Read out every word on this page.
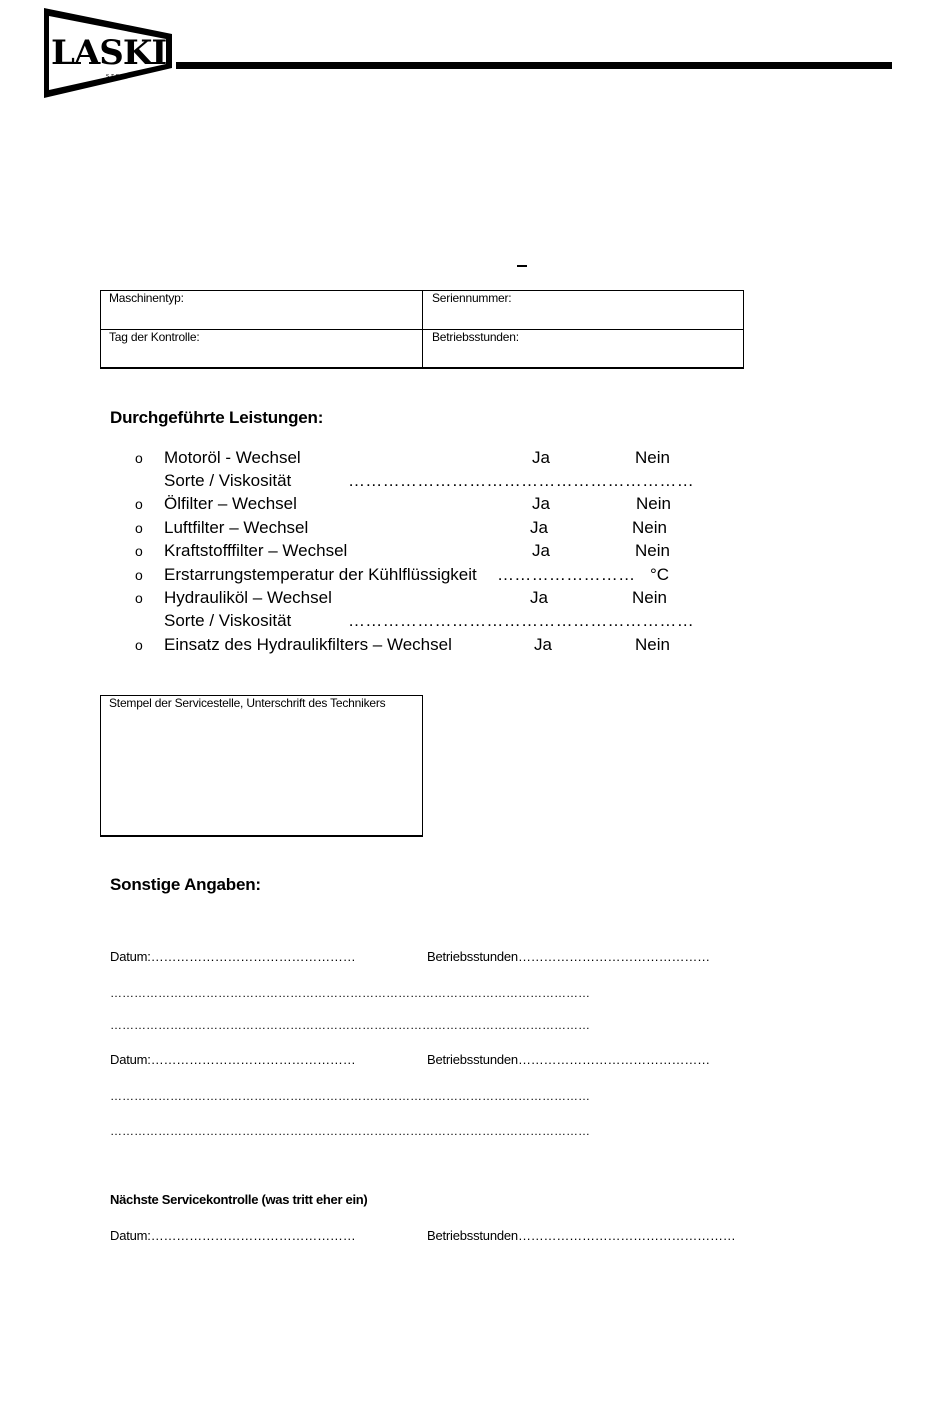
LASKI
s.r.o.
Maschinentyp:	Seriennummer:
Tag der Kontrolle:	Betriebsstunden:
Durchgeführte Leistungen:
o Motoröl - Wechsel	Ja	Nein
Sorte / Viskosität	……………………………………………………
o Ölfilter – Wechsel	Ja	Nein
o Luftfilter – Wechsel	Ja	Nein
o Kraftstofffilter – Wechsel	Ja	Nein
o Erstarrungstemperatur der Kühlflüssigkeit …………………… °C
o Hydrauliköl – Wechsel	Ja	Nein
Sorte / Viskosität	……………………………………………………
o Einsatz des Hydraulikfilters – Wechsel	Ja	Nein
Stempel der Servicestelle, Unterschrift des Technikers
Sonstige Angaben:
Datum:…………………………………………	Betriebsstunden………………………………………
…………………………………………………………………………………………………………
…………………………………………………………………………………………………………
Datum:…………………………………………	Betriebsstunden………………………………………
…………………………………………………………………………………………………………
…………………………………………………………………………………………………………
Nächste Servicekontrolle (was tritt eher ein)
Datum:…………………………………………	Betriebsstunden……………………………………………
